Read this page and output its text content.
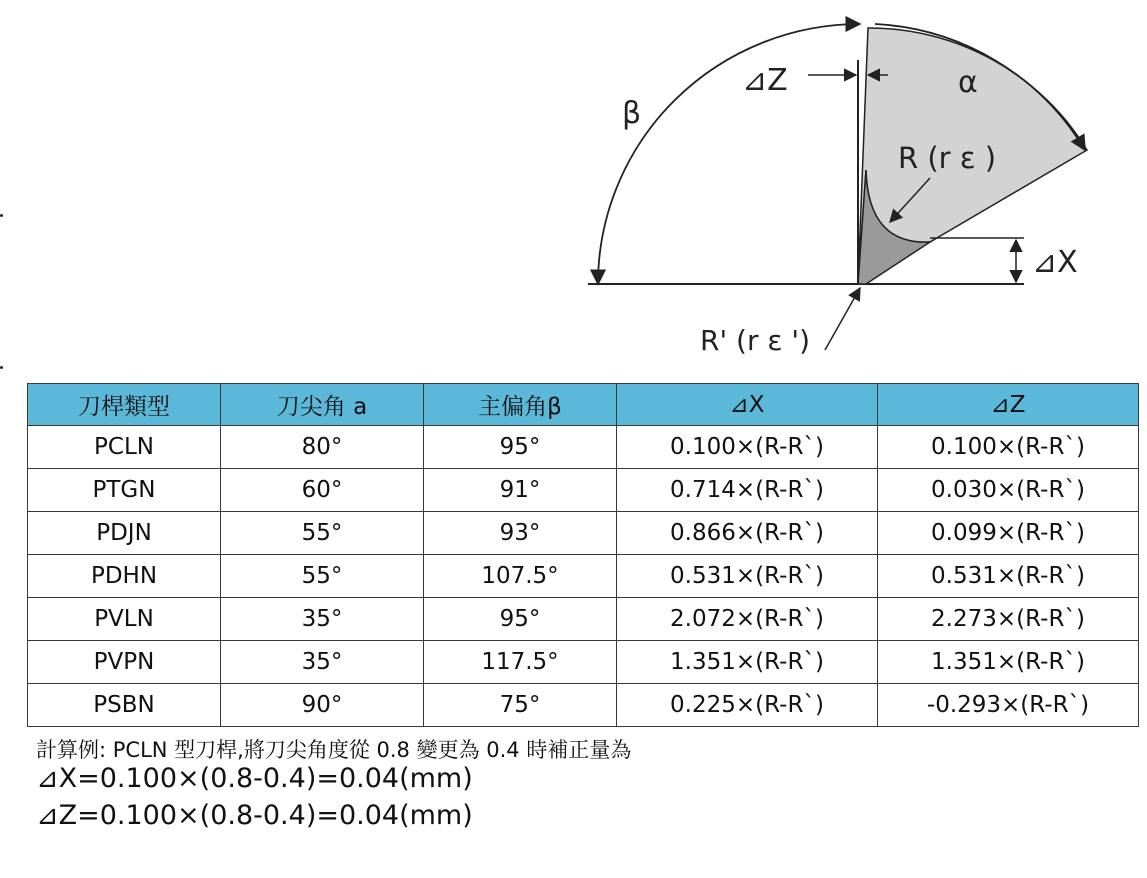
β
α
⊿Z
⊿X
R (r ε )
R' (r ε ')
刀桿類型	刀尖角 a	主偏角β	⊿X	⊿Z
PCLN	80°	95°	0.100×(R-R`)	0.100×(R-R`)
PTGN	60°	91°	0.714×(R-R`)	0.030×(R-R`)
PDJN	55°	93°	0.866×(R-R`)	0.099×(R-R`)
PDHN	55°	107.5°	0.531×(R-R`)	0.531×(R-R`)
PVLN	35°	95°	2.072×(R-R`)	2.273×(R-R`)
PVPN	35°	117.5°	1.351×(R-R`)	1.351×(R-R`)
PSBN	90°	75°	0.225×(R-R`)	-0.293×(R-R`)
計算例: PCLN 型刀桿,將刀尖角度從 0.8 變更為 0.4 時補正量為
⊿X=0.100×(0.8-0.4)=0.04(mm)
⊿Z=0.100×(0.8-0.4)=0.04(mm)
